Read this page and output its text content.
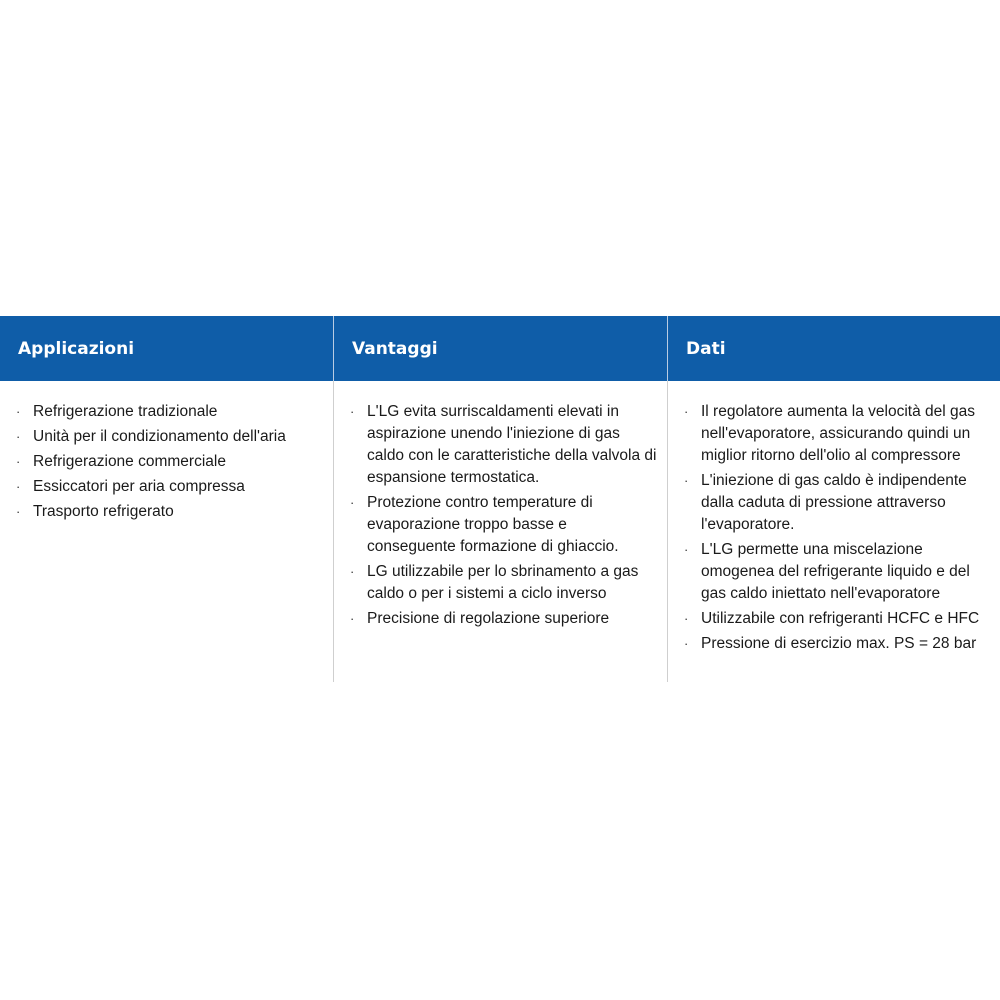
Applicazioni	Vantaggi	Dati
· Refrigerazione tradizionale
· Unità per il condizionamento dell'aria
· Refrigerazione commerciale
· Essiccatori per aria compressa
· Trasporto refrigerato
· L'LG evita surriscaldamenti elevati in aspirazione unendo l'iniezione di gas caldo con le caratteristiche della valvola di espansione termostatica.
· Protezione contro temperature di evaporazione troppo basse e conseguente formazione di ghiaccio.
· LG utilizzabile per lo sbrinamento a gas caldo o per i sistemi a ciclo inverso
· Precisione di regolazione superiore
· Il regolatore aumenta la velocità del gas nell'evaporatore, assicurando quindi un miglior ritorno dell'olio al compressore
· L'iniezione di gas caldo è indipendente dalla caduta di pressione attraverso l'evaporatore.
· L'LG permette una miscelazione omogenea del refrigerante liquido e del gas caldo iniettato nell'evaporatore
· Utilizzabile con refrigeranti HCFC e HFC
· Pressione di esercizio max. PS = 28 bar
